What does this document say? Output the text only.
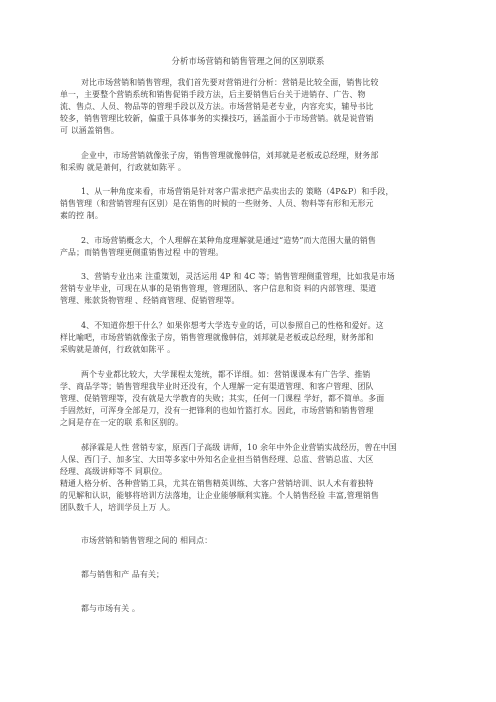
分析市场营销和销售管理之间的区别联系
对比市场营销和销售管理，我们首先要对营销进行分析：营销是比较全面，销售比较
单一，主要整个营销系统和销售促销手段方法，后主要销售后台关于进销存、广告、物
流、售点、人员、物品等的管理手段以及方法。市场营销是老专业，内容充实，辅导书比
较多，销售管理比较新，偏重于具体事务的实操技巧，涵盖面小于市场营销。就是说营销
可 以涵盖销售。
企业中，市场营销就像张子房，销售管理就像韩信，刘邦就是老板或总经理，财务部
和采购 就是萧何，行政就如陈平 。
1、从一种角度来看，市场营销是针对客户需求把产品卖出去的 策略（4P&P）和手段，
销售管理（和营销管理有区别）是在销售的时候的一些财务、人员、物料等有形和无形元
素的控 制。
2、市场营销概念大，个人理解在某种角度理解就是通过“造势”而大范围大量的销售
产品；而销售管理更侧重销售过程 中的管理。
3、营销专业出来 注重策划，灵活运用 4P 和 4C 等；销售管理侧重管理，比如我是市场
营销专业毕业，可现在从事的是销售管理，管理团队、客户信息和资 料的内部管理、渠道
管理、账款货物管理 、经销商管理、促销管理等。
4、不知道你想干什么？如果你想考大学选专业的话，可以参照自己的性格和爱好。这
样比喻吧，市场营销就像张子房，销售管理就像韩信，刘邦就是老板或总经理，财务部和
采购就是萧何，行政就如陈平 。
两个专业都比较大，大学课程太笼统，都不详细。如：营销课课本有广告学、推销
学、商品学等；销售管理我毕业时还没有，个人理解一定有渠道管理、和客户管理、团队
管理、促销管理等，没有就是大学教育的失败；其实，任何一门课程 学好，都不简单。多面
手固然好，可浑身全部是刀，没有一把锋利的也如竹篮打水。因此，市场营销和销售管理
之间是存在一定的联 系和区别的。
郝泽霖是人性 营销专家，原西门子高级 讲师，10 余年中外企业营销实战经历，曾在中国
人保、西门子、加多宝、大田等多家中外知名企业担当销售经理、总监、营销总监、大区
经理、高级讲师等不 同职位。
精通人格分析、各种营销工具，尤其在销售精英训练、大客户营销培训、识人术有着独特
的见解和认识，能够将培训方法落地，让企业能够顺利实施。个人销售经验 丰富,管理销售
团队数千人，培训学员上万 人。
市场营销和销售管理之间的 相同点：
都与销售和产 品有关；
都与市场有关 。
